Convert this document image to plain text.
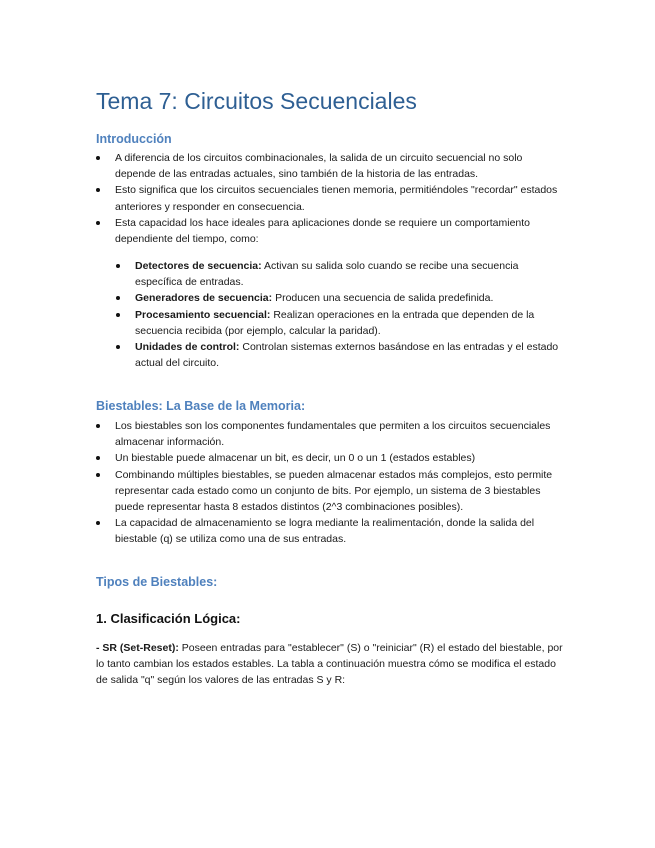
Tema 7: Circuitos Secuenciales
Introducción
A diferencia de los circuitos combinacionales, la salida de un circuito secuencial no solo depende de las entradas actuales, sino también de la historia de las entradas.
Esto significa que los circuitos secuenciales tienen memoria, permitiéndoles "recordar" estados anteriores y responder en consecuencia.
Esta capacidad los hace ideales para aplicaciones donde se requiere un comportamiento dependiente del tiempo, como:
Detectores de secuencia: Activan su salida solo cuando se recibe una secuencia específica de entradas.
Generadores de secuencia: Producen una secuencia de salida predefinida.
Procesamiento secuencial: Realizan operaciones en la entrada que dependen de la secuencia recibida (por ejemplo, calcular la paridad).
Unidades de control: Controlan sistemas externos basándose en las entradas y el estado actual del circuito.
Biestables: La Base de la Memoria:
Los biestables son los componentes fundamentales que permiten a los circuitos secuenciales almacenar información.
Un biestable puede almacenar un bit, es decir, un 0 o un 1 (estados estables)
Combinando múltiples biestables, se pueden almacenar estados más complejos, esto permite representar cada estado como un conjunto de bits. Por ejemplo, un sistema de 3 biestables puede representar hasta 8 estados distintos (2^3 combinaciones posibles).
La capacidad de almacenamiento se logra mediante la realimentación, donde la salida del biestable (q) se utiliza como una de sus entradas.
Tipos de Biestables:
1. Clasificación Lógica:

- SR (Set-Reset): Poseen entradas para "establecer" (S) o "reiniciar" (R) el estado del biestable, por lo tanto cambian los estados estables. La tabla a continuación muestra cómo se modifica el estado de salida "q" según los valores de las entradas S y R:
